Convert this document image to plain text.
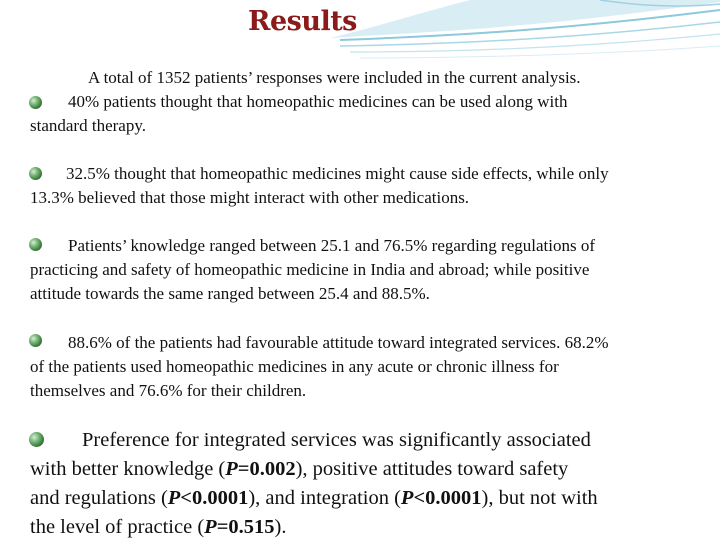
Results
A total of 1352 patients’ responses were included in the current analysis.
40% patients thought that homeopathic medicines can be used along with
standard therapy.
32.5% thought that homeopathic medicines might cause side effects, while only
13.3% believed that those might interact with other medications.
Patients’ knowledge ranged between 25.1 and 76.5% regarding regulations of
practicing and safety of homeopathic medicine in India and abroad; while positive
attitude towards the same ranged between 25.4 and 88.5%.
88.6% of the patients had favourable attitude toward integrated services. 68.2%
of the patients used homeopathic medicines in any acute or chronic illness for
themselves and 76.6% for their children.
Preference for integrated services was significantly associated
with better knowledge (P=0.002), positive attitudes toward safety
and regulations (P<0.0001), and integration (P<0.0001), but not with
the level of practice (P=0.515).
